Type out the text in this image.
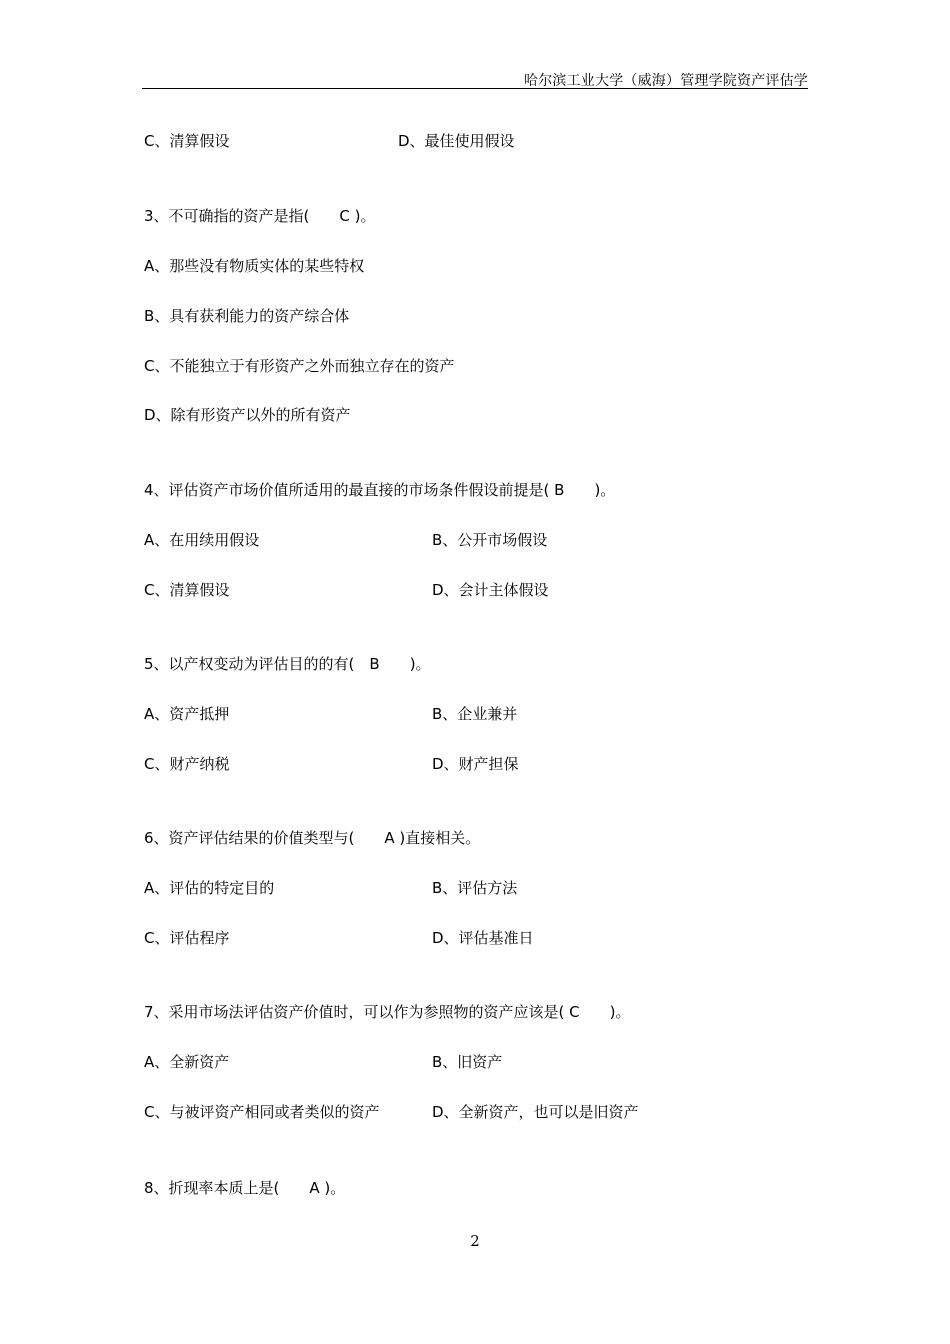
哈尔滨工业大学（威海）管理学院资产评估学
C、清算假设	D、最佳使用假设
3、不可确指的资产是指(　　C )。
A、那些没有物质实体的某些特权
B、具有获利能力的资产综合体
C、不能独立于有形资产之外而独立存在的资产
D、除有形资产以外的所有资产
4、评估资产市场价值所适用的最直接的市场条件假设前提是( B　　)。
A、在用续用假设	B、公开市场假设
C、清算假设	D、会计主体假设
5、以产权变动为评估目的的有(　B　　)。
A、资产抵押	B、企业兼并
C、财产纳税	D、财产担保
6、资产评估结果的价值类型与(　　A )直接相关。
A、评估的特定目的	B、评估方法
C、评估程序	D、评估基准日
7、采用市场法评估资产价值时，可以作为参照物的资产应该是( C　　)。
A、全新资产	B、旧资产
C、与被评资产相同或者类似的资产	D、全新资产，也可以是旧资产
8、折现率本质上是(　　A )。
2
